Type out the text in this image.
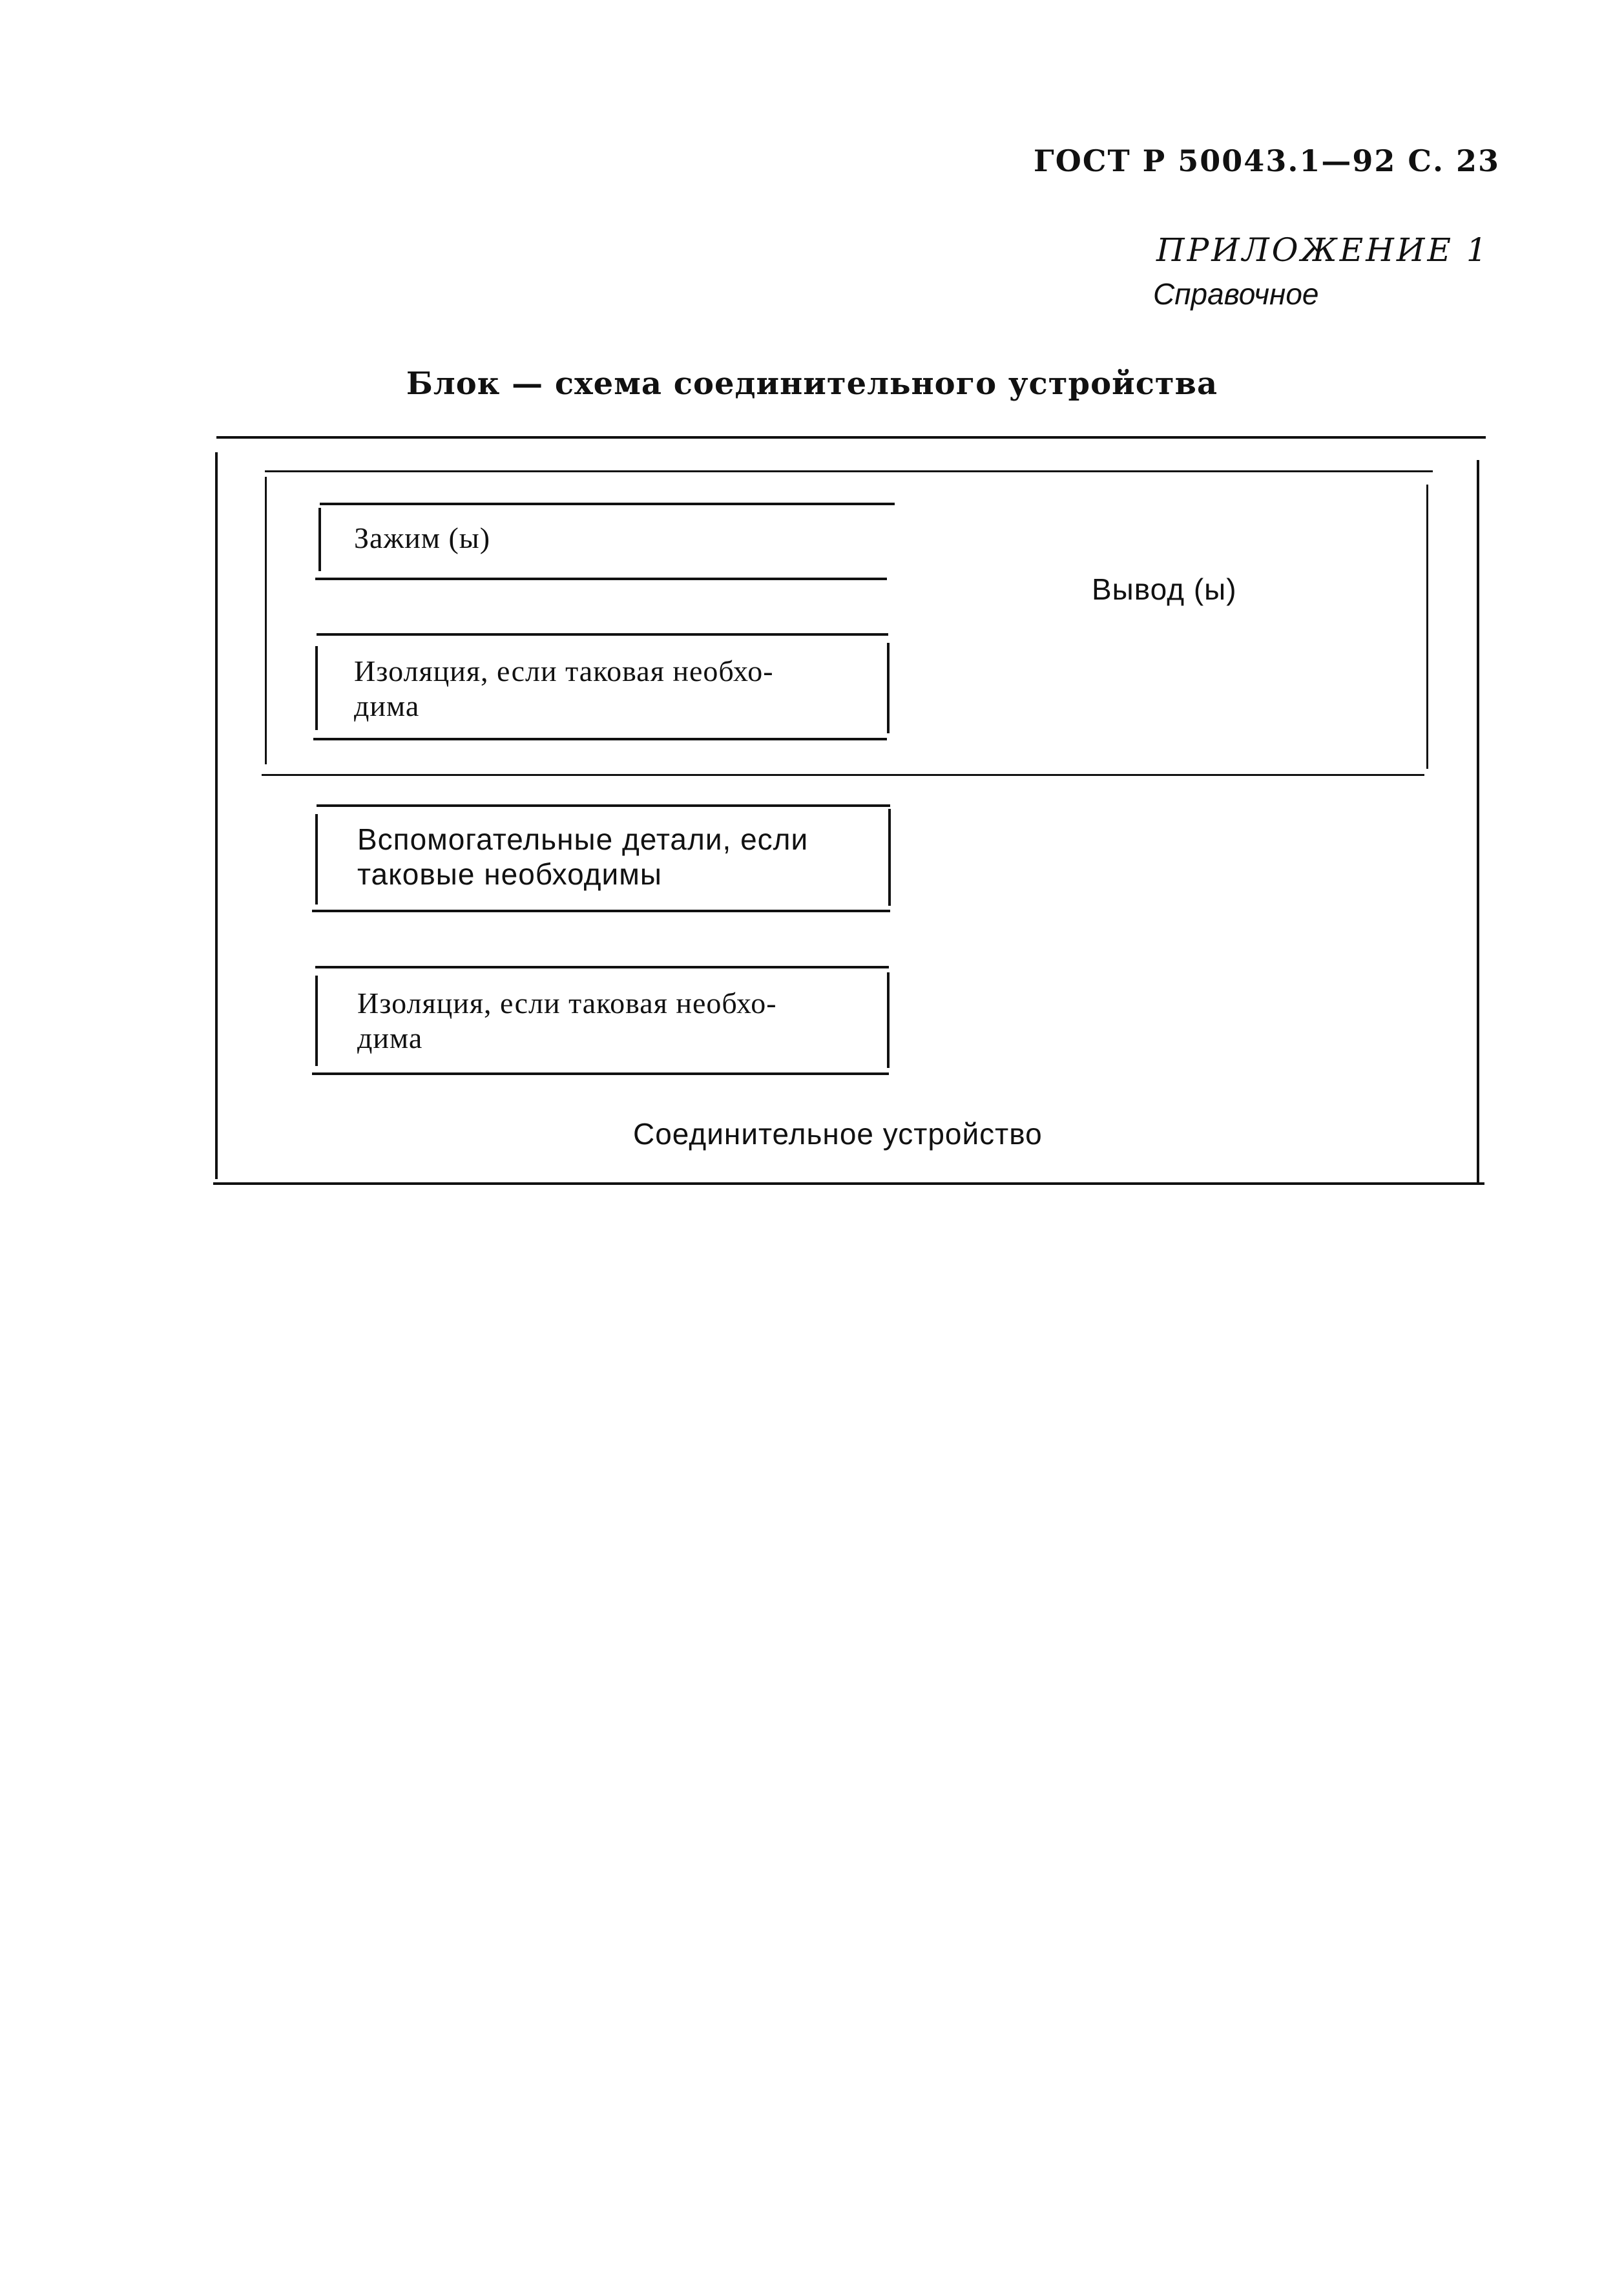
ГОСТ Р 50043.1—92 С. 23
ПРИЛОЖЕНИЕ 1
Справочное
Блок — схема соединительного устройства
Соединительное устройство
Вывод (ы)
Зажим (ы)
Изоляция, если таковая необхо-
дима
Вспомогательные детали, если
таковые необходимы
Изоляция, если таковая необхо-
дима
